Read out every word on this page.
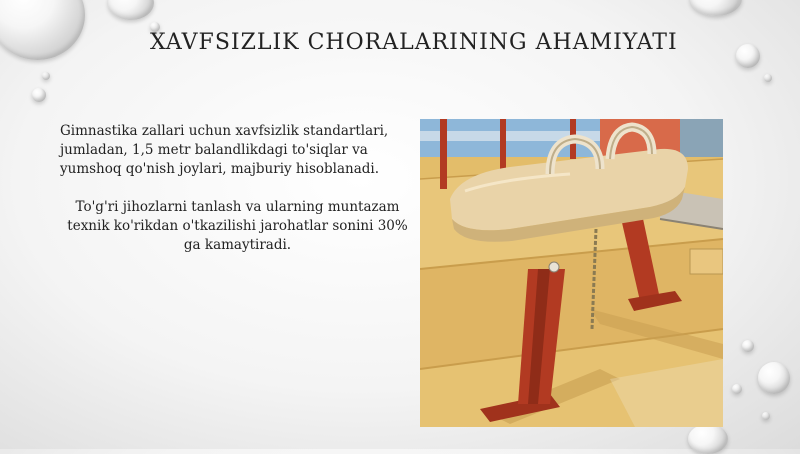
XAVFSIZLIK CHORALARINING AHAMIYATI

Gimnastika zallari uchun xavfsizlik standartlari, jumladan, 1,5 metr balandlikdagi to'siqlar va yumshoq qo'nish joylari, majburiy hisoblanadi.

To'g'ri jihozlarni tanlash va ularning muntazam texnik ko'rikdan o'tkazilishi jarohatlar sonini 30% ga kamaytiradi.
